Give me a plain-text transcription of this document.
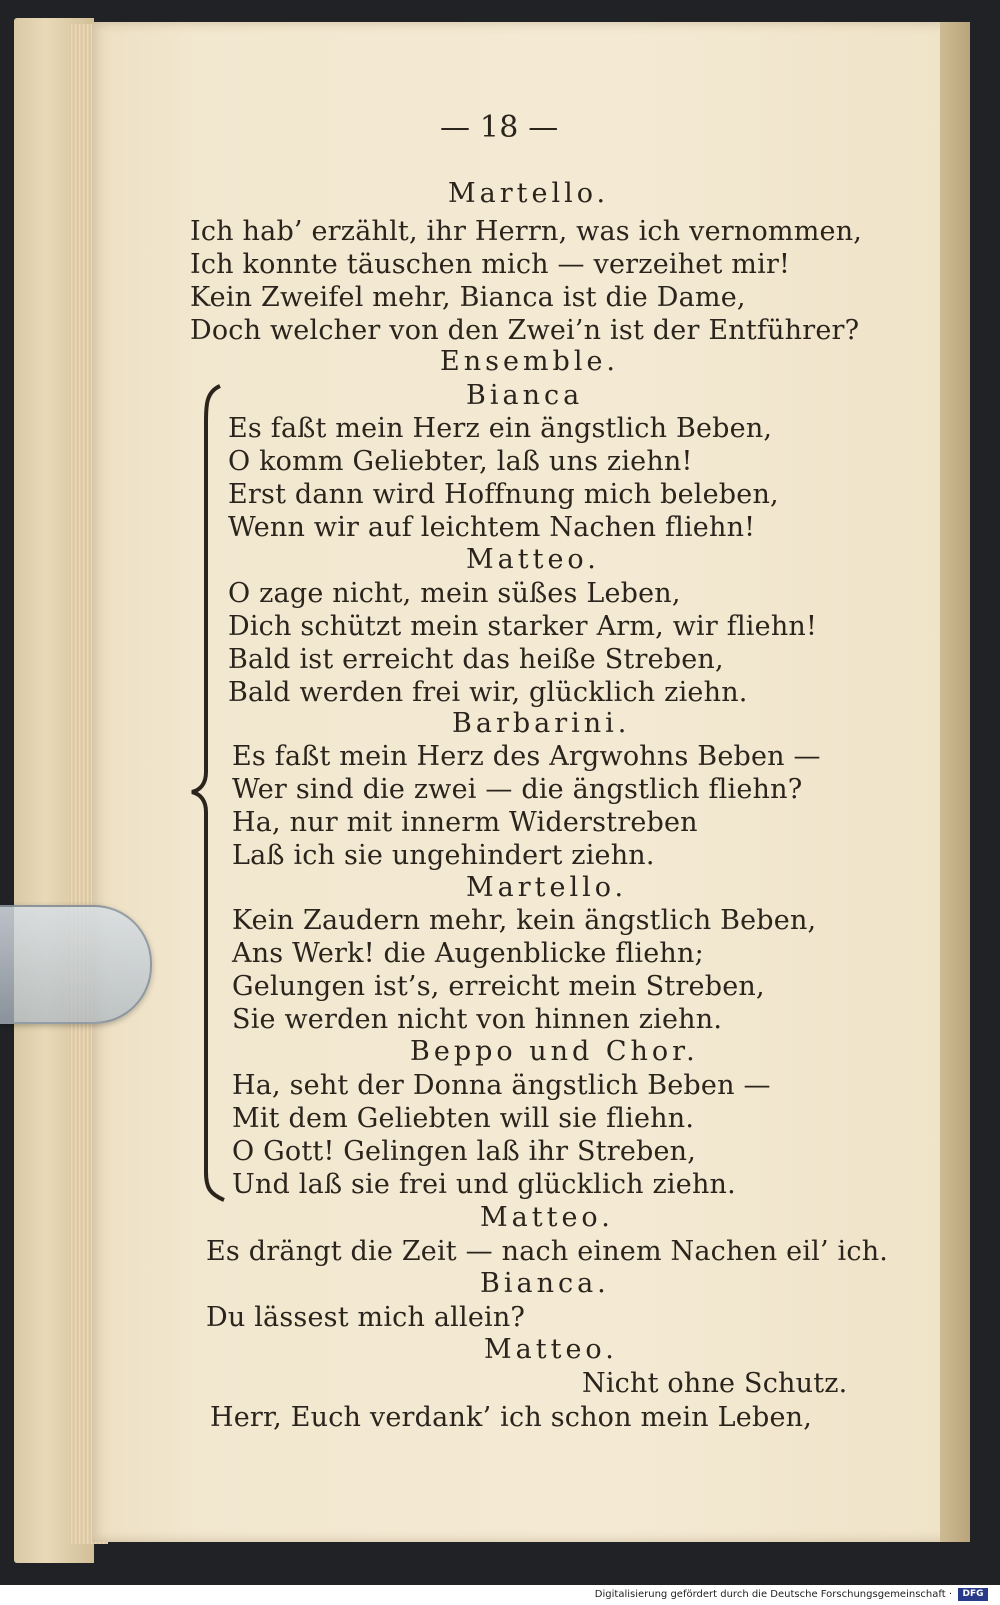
— 18 —
Martello.
Ich hab’ erzählt, ihr Herrn, was ich vernommen,
Ich konnte täuschen mich — verzeihet mir!
Kein Zweifel mehr, Bianca ist die Dame,
Doch welcher von den Zwei’n ist der Entführer?
Ensemble.
Bianca
Es faßt mein Herz ein ängstlich Beben,
O komm Geliebter, laß uns ziehn!
Erst dann wird Hoffnung mich beleben,
Wenn wir auf leichtem Nachen fliehn!
Matteo.
O zage nicht, mein süßes Leben,
Dich schützt mein starker Arm, wir fliehn!
Bald ist erreicht das heiße Streben,
Bald werden frei wir, glücklich ziehn.
Barbarini.
Es faßt mein Herz des Argwohns Beben —
Wer sind die zwei — die ängstlich fliehn?
Ha, nur mit innerm Widerstreben
Laß ich sie ungehindert ziehn.
Martello.
Kein Zaudern mehr, kein ängstlich Beben,
Ans Werk! die Augenblicke fliehn;
Gelungen ist’s, erreicht mein Streben,
Sie werden nicht von hinnen ziehn.
Beppo und Chor.
Ha, seht der Donna ängstlich Beben —
Mit dem Geliebten will sie fliehn.
O Gott! Gelingen laß ihr Streben,
Und laß sie frei und glücklich ziehn.
Matteo.
Es drängt die Zeit — nach einem Nachen eil’ ich.
Bianca.
Du lässest mich allein?
Matteo.
Nicht ohne Schutz.
Herr, Euch verdank’ ich schon mein Leben,
Digitalisierung gefördert durch die Deutsche Forschungsgemeinschaft ·	DFG
